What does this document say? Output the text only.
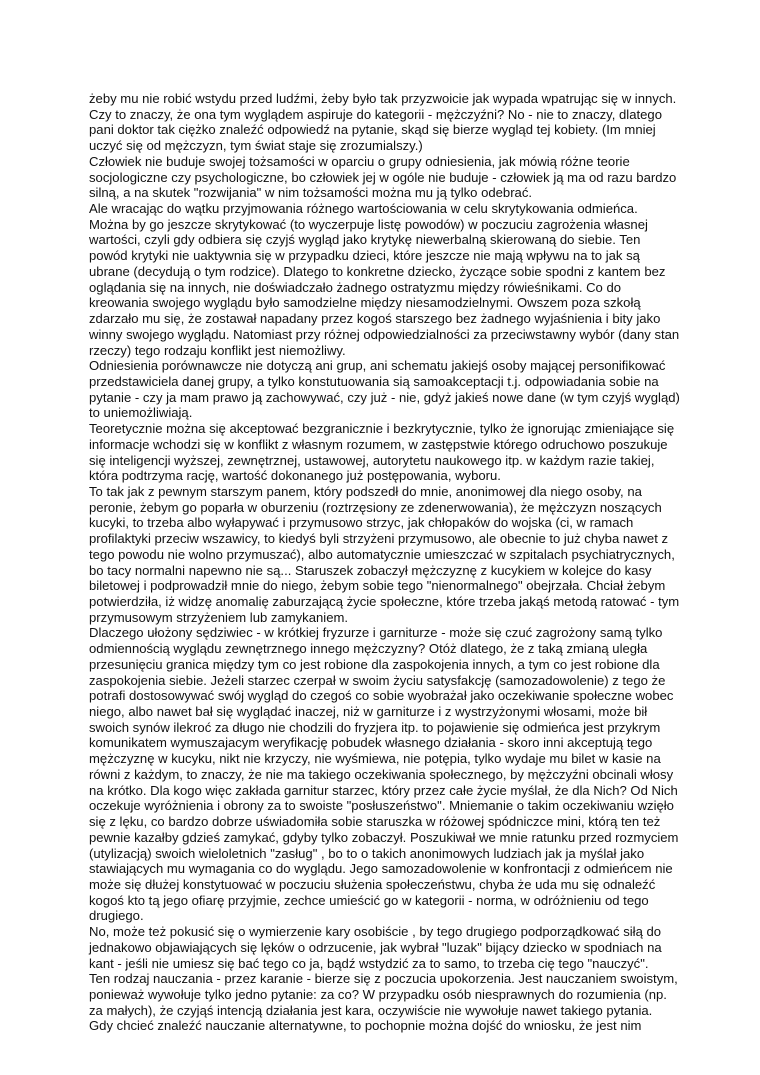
żeby mu nie robić wstydu przed ludźmi, żeby było tak przyzwoicie jak wypada wpatrując się w innych.
Czy to znaczy, że ona tym wyglądem aspiruje do kategorii - mężczyźni? No - nie to znaczy, dlatego
pani doktor tak ciężko znaleźć odpowiedź na pytanie, skąd się bierze wygląd tej kobiety. (Im mniej
uczyć się od mężczyzn, tym świat staje się zrozumialszy.)
Człowiek nie buduje swojej tożsamości w oparciu o grupy odniesienia, jak mówią różne teorie
socjologiczne czy psychologiczne, bo człowiek jej w ogóle nie buduje - człowiek ją ma od razu bardzo
silną, a na skutek "rozwijania" w nim tożsamości można mu ją tylko odebrać.
Ale wracając do wątku przyjmowania różnego wartościowania w celu skrytykowania odmieńca.
Można by go jeszcze skrytykować (to wyczerpuje listę powodów) w poczuciu zagrożenia własnej
wartości, czyli gdy odbiera się czyjś wygląd jako krytykę niewerbalną skierowaną do siebie. Ten
powód krytyki nie uaktywnia się w przypadku dzieci, które jeszcze nie mają wpływu na to jak są
ubrane (decydują o tym rodzice). Dlatego to konkretne dziecko, życzące sobie spodni z kantem bez
oglądania się na innych, nie doświadczało żadnego ostratyzmu między rówieśnikami. Co do
kreowania swojego wyglądu było samodzielne między niesamodzielnymi. Owszem poza szkołą
zdarzało mu się, że zostawał napadany przez kogoś starszego bez żadnego wyjaśnienia i bity jako
winny swojego wyglądu. Natomiast przy różnej odpowiedzialności za przeciwstawny wybór (dany stan
rzeczy) tego rodzaju konflikt jest niemożliwy.
Odniesienia porównawcze nie dotyczą ani grup, ani schematu jakiejś osoby mającej personifikować
przedstawiciela danej grupy, a tylko konstutuowania sią samoakceptacji t.j. odpowiadania sobie na
pytanie - czy ja mam prawo ją zachowywać, czy już - nie, gdyż jakieś nowe dane (w tym czyjś wygląd)
to uniemożliwiają.
Teoretycznie można się akceptować bezgranicznie i bezkrytycznie, tylko że ignorując zmieniające się
informacje wchodzi się w konflikt z własnym rozumem, w zastępstwie którego odruchowo poszukuje
się inteligencji wyższej, zewnętrznej, ustawowej, autorytetu naukowego itp. w każdym razie takiej,
która podtrzyma rację, wartość dokonanego już postępowania, wyboru.
To tak jak z pewnym starszym panem, który podszedł do mnie, anonimowej dla niego osoby, na
peronie, żebym go poparła w oburzeniu (roztrzęsiony ze zdenerwowania), że mężczyzn noszących
kucyki, to trzeba albo wyłapywać i przymusowo strzyc, jak chłopaków do wojska (ci, w ramach
profilaktyki przeciw wszawicy, to kiedyś byli strzyżeni przymusowo, ale obecnie to już chyba nawet z
tego powodu nie wolno przymuszać), albo automatycznie umieszczać w szpitalach psychiatrycznych,
bo tacy normalni napewno nie są... Staruszek zobaczył mężczyznę z kucykiem w kolejce do kasy
biletowej i podprowadził mnie do niego, żebym sobie tego "nienormalnego" obejrzała. Chciał żebym
potwierdziła, iż widzę anomalię zaburzającą życie społeczne, które trzeba jakąś metodą ratować - tym
przymusowym strzyżeniem lub zamykaniem.
Dlaczego ułożony sędziwiec - w krótkiej fryzurze i garniturze - może się czuć zagrożony samą tylko
odmiennością wyglądu zewnętrznego innego mężczyzny? Otóż dlatego, że z taką zmianą uległa
przesunięciu granica między tym co jest robione dla zaspokojenia innych, a tym co jest robione dla
zaspokojenia siebie. Jeżeli starzec czerpał w swoim życiu satysfakcję (samozadowolenie) z tego że
potrafi dostosowywać swój wygląd do czegoś co sobie wyobrażał jako oczekiwanie społeczne wobec
niego, albo nawet bał się wyglądać inaczej, niż w garniturze i z wystrzyżonymi włosami, może bił
swoich synów ilekroć za długo nie chodzili do fryzjera itp. to pojawienie się odmieńca jest przykrym
komunikatem wymuszajacym weryfikację pobudek własnego działania - skoro inni akceptują tego
mężczyznę w kucyku, nikt nie krzyczy, nie wyśmiewa, nie potępia, tylko wydaje mu bilet w kasie na
równi z każdym, to znaczy, że nie ma takiego oczekiwania społecznego, by mężczyźni obcinali włosy
na krótko. Dla kogo więc zakłada garnitur starzec, który przez całe życie myślał, że dla Nich? Od Nich
oczekuje wyróżnienia i obrony za to swoiste "posłuszeństwo". Mniemanie o takim oczekiwaniu wzięło
się z lęku, co bardzo dobrze uświadomiła sobie staruszka w różowej spódniczce mini, którą ten też
pewnie kazałby gdzieś zamykać, gdyby tylko zobaczył. Poszukiwał we mnie ratunku przed rozmyciem
(utylizacją) swoich wieloletnich "zasług" , bo to o takich anonimowych ludziach jak ja myślał jako
stawiających mu wymagania co do wyglądu. Jego samozadowolenie w konfrontacji z odmieńcem nie
może się dłużej konstytuować w poczuciu służenia społeczeństwu, chyba że uda mu się odnaleźć
kogoś kto tą jego ofiarę przyjmie, zechce umieścić go w kategorii - norma, w odróżnieniu od tego
drugiego.
No, może też pokusić się o wymierzenie kary osobiście , by tego drugiego podporządkować siłą do
jednakowo objawiających się lęków o odrzucenie, jak wybrał "luzak" bijący dziecko w spodniach na
kant - jeśli nie umiesz się bać tego co ja, bądź wstydzić za to samo, to trzeba cię tego "nauczyć".
Ten rodzaj nauczania - przez karanie - bierze się z poczucia upokorzenia. Jest nauczaniem swoistym,
ponieważ wywołuje tylko jedno pytanie: za co? W przypadku osób niesprawnych do rozumienia (np.
za małych), że czyjąś intencją działania jest kara, oczywiście nie wywołuje nawet takiego pytania.
Gdy chcieć znaleźć nauczanie alternatywne, to pochopnie można dojść do wniosku, że jest nim
